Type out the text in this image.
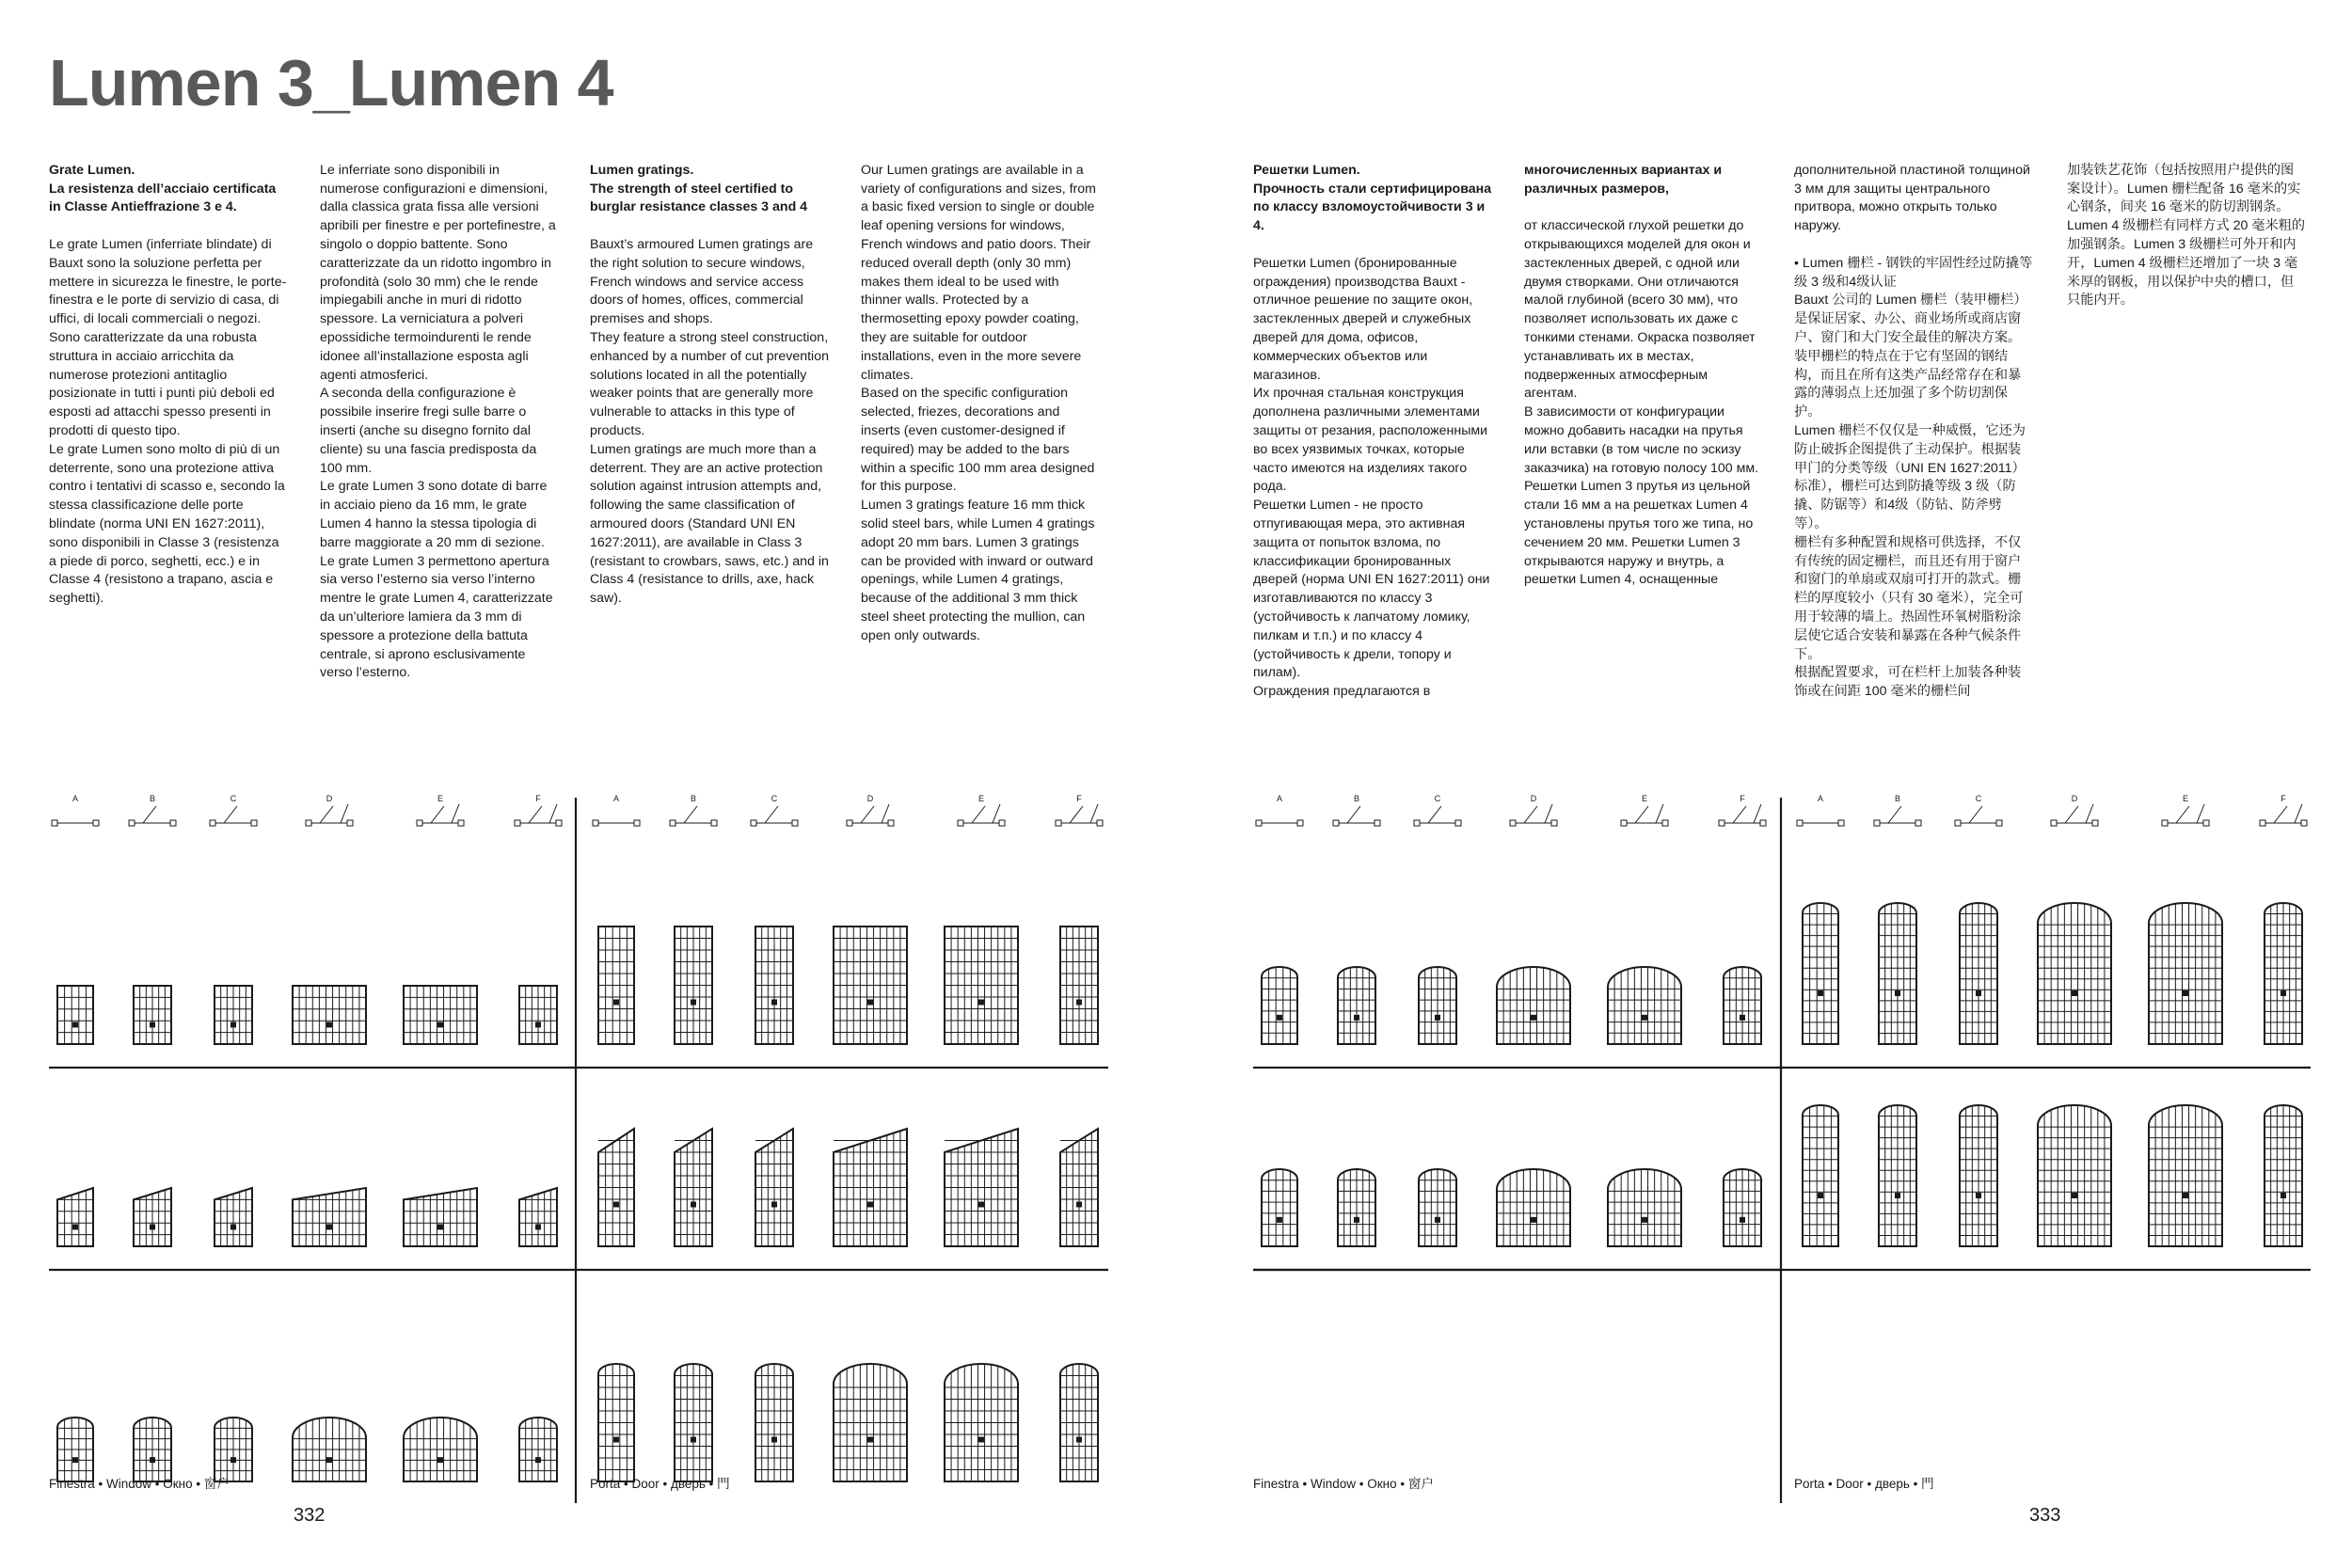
Lumen 3_Lumen 4

Grate Lumen.
La resistenza dell’acciaio certificata in Classe Antieffrazione 3 e 4.

Le grate Lumen (inferriate blindate) di Bauxt sono la soluzione perfetta per mettere in sicurezza le finestre, le porte-finestra e le porte di servizio di casa, di uffici, di locali commerciali o negozi.
Sono caratterizzate da una robusta struttura in acciaio arricchita da numerose protezioni antitaglio posizionate in tutti i punti più deboli ed esposti ad attacchi spesso presenti in prodotti di questo tipo.
Le grate Lumen sono molto di più di un deterrente, sono una protezione attiva contro i tentativi di scasso e, secondo la stessa classificazione delle porte blindate (norma UNI EN 1627:2011), sono disponibili in Classe 3 (resistenza a piede di porco, seghetti, ecc.) e in Classe 4 (resistono a trapano, ascia e seghetti).

Le inferriate sono disponibili in numerose configurazioni e dimensioni, dalla classica grata fissa alle versioni apribili per finestre e per portefinestre, a singolo o doppio battente. Sono caratterizzate da un ridotto ingombro in profondità (solo 30 mm) che le rende impiegabili anche in muri di ridotto spessore. La verniciatura a polveri epossidiche termoindurenti le rende idonee all’installazione esposta agli agenti atmosferici.
A seconda della configurazione è possibile inserire fregi sulle barre o inserti (anche su disegno fornito dal cliente) su una fascia predisposta da 100 mm.
Le grate Lumen 3 sono dotate di barre in acciaio pieno da 16 mm, le grate Lumen 4 hanno la stessa tipologia di barre maggiorate a 20 mm di sezione. Le grate Lumen 3 permettono apertura sia verso l’esterno sia verso l’interno mentre le grate Lumen 4, caratterizzate da un’ulteriore lamiera da 3 mm di spessore a protezione della battuta centrale, si aprono esclusivamente verso l’esterno.

Lumen gratings.
The strength of steel certified to burglar resistance classes 3 and 4

Bauxt’s armoured Lumen gratings are the right solution to secure windows, French windows and service access doors of homes, offices, commercial premises and shops.
They feature a strong steel construction, enhanced by a number of cut prevention solutions located in all the potentially weaker points that are generally more vulnerable to attacks in this type of products.
Lumen gratings are much more than a deterrent. They are an active protection solution against intrusion attempts and, following the same classification of armoured doors (Standard UNI EN 1627:2011), are available in Class 3 (resistant to crowbars, saws, etc.) and in Class 4 (resistance to drills, axe, hack saw).

Our Lumen gratings are available in a variety of configurations and sizes, from a basic fixed version to single or double leaf opening versions for windows, French windows and patio doors. Their reduced overall depth (only 30 mm) makes them ideal to be used with thinner walls. Protected by a thermosetting epoxy powder coating, they are suitable for outdoor installations, even in the more severe climates.
Based on the specific configuration selected, friezes, decorations and inserts (even customer-designed if required) may be added to the bars within a specific 100 mm area designed for this purpose.
Lumen 3 gratings feature 16 mm thick solid steel bars, while Lumen 4 gratings adopt 20 mm bars. Lumen 3 gratings can be provided with inward or outward openings, while Lumen 4 gratings, because of the additional 3 mm thick steel sheet protecting the mullion, can open only outwards.

Решетки Lumen.
Прочность стали сертифицирована по классу взломоустойчивости 3 и 4.

Решетки Lumen (бронированные ограждения) производства Bauxt - отличное решение по защите окон, застекленных дверей и служебных дверей для дома, офисов, коммерческих объектов или магазинов.
Их прочная стальная конструкция дополнена различными элементами защиты от резания, расположенными во всех уязвимых точках, которые часто имеются на изделиях такого рода.
Решетки Lumen - не просто отпугивающая мера, это активная защита от попыток взлома, по классификации бронированных дверей (норма UNI EN 1627:2011) они изготавливаются по классу 3 (устойчивость к лапчатому ломику, пилкам и т.п.) и по классу 4 (устойчивость к дрели, топору и пилам).
Ограждения предлагаются в

многочисленных вариантах и различных размеров,

от классической глухой решетки до открывающихся моделей для окон и застекленных дверей, с одной или двумя створками. Они отличаются малой глубиной (всего 30 мм), что позволяет использовать их даже с тонкими стенами. Окраска позволяет устанавливать их в местах, подверженных атмосферным агентам.
В зависимости от конфигурации можно добавить насадки на прутья или вставки (в том числе по эскизу заказчика) на готовую полосу 100 мм. Решетки Lumen 3 прутья из цельной стали 16 мм а на решетках Lumen 4 установлены прутья того же типа, но сечением 20 мм. Решетки Lumen 3 открываются наружу и внутрь, а решетки Lumen 4, оснащенные

дополнительной пластиной толщиной 3 мм для защиты центрального притвора, можно открыть только наружу.

• Lumen 栅栏 - 钢铁的牢固性经过防撬等级 3 级和4级认证
Bauxt 公司的 Lumen 栅栏（装甲栅栏）是保证居家、办公、商业场所或商店窗户、窗门和大门安全最佳的解决方案。
装甲栅栏的特点在于它有坚固的钢结构，而且在所有这类产品经常存在和暴露的薄弱点上还加强了多个防切割保护。
Lumen 栅栏不仅仅是一种威慑，它还为防止破拆企图提供了主动保护。根据装甲门的分类等级（UNI EN 1627:2011）标准），栅栏可达到防撬等级 3 级（防撬、防锯等）和4级（防钻、防斧劈等）。
栅栏有多种配置和规格可供选择，不仅有传统的固定栅栏，而且还有用于窗户和窗门的单扇或双扇可打开的款式。栅栏的厚度较小（只有 30 毫米），完全可用于较薄的墙上。热固性环氧树脂粉涂层使它适合安装和暴露在各种气候条件下。
根据配置要求，可在栏杆上加装各种装饰或在间距 100 毫米的栅栏间

加装铁艺花饰（包括按照用户提供的图案设计）。Lumen 栅栏配备 16 毫米的实心钢条，间夹 16 毫米的防切割钢条。Lumen 4 级栅栏有同样方式 20 毫米粗的加强钢条。Lumen 3 级栅栏可外开和内开，Lumen 4 级栅栏还增加了一块 3 毫米厚的钢板，用以保护中央的槽口，但只能内开。

A	B	C	D	E	F	A	B	C	D	E	F	A	B	C	D	E	F	A	B	C	D	E	F
Finestra • Window • Окно • 窗户	Porta • Door • дверь • 門	Finestra • Window • Окно • 窗户	Porta • Door • дверь • 門
332	333
